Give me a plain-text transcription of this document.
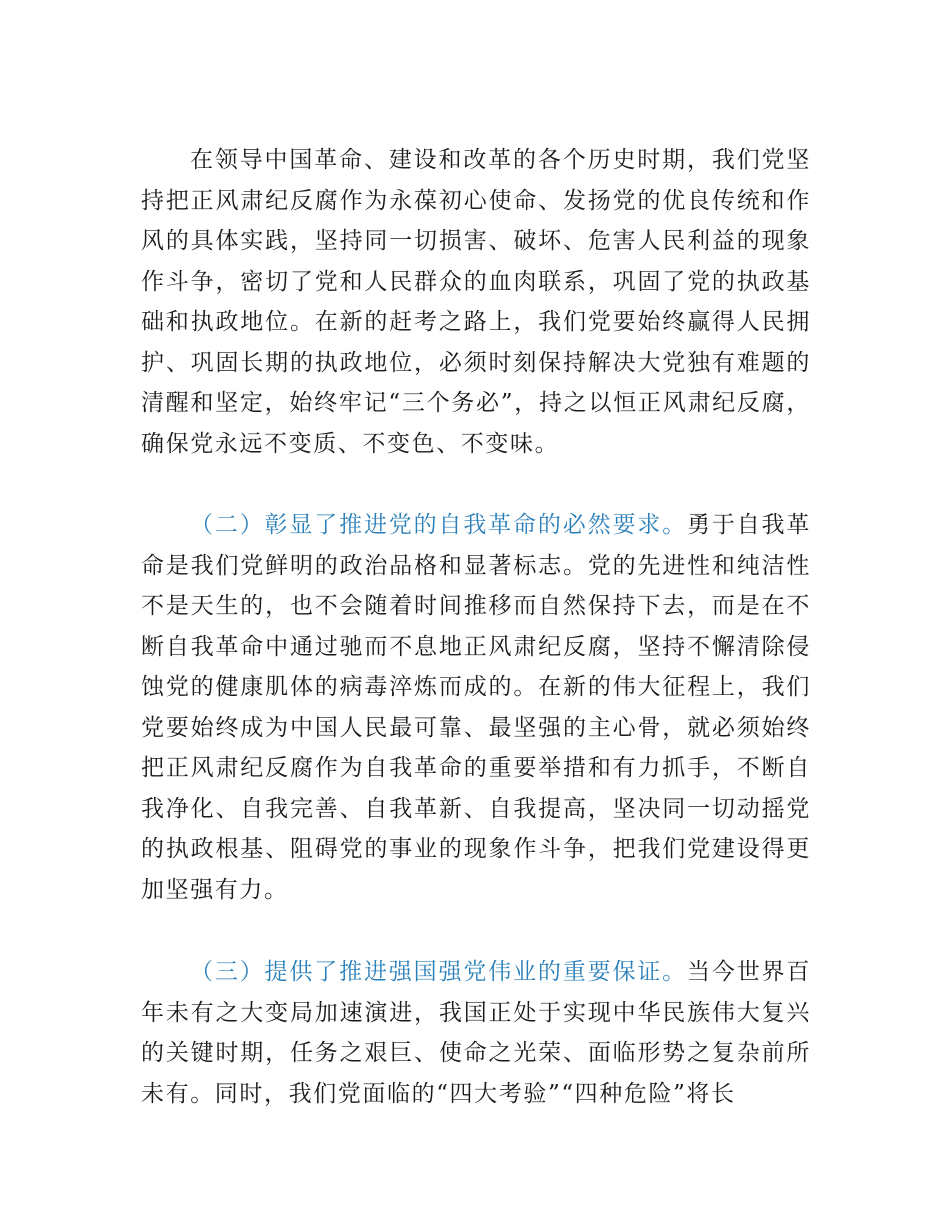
在领导中国革命、建设和改革的各个历史时期，我们党坚持把正风肃纪反腐作为永葆初心使命、发扬党的优良传统和作风的具体实践，坚持同一切损害、破坏、危害人民利益的现象作斗争，密切了党和人民群众的血肉联系，巩固了党的执政基础和执政地位。在新的赶考之路上，我们党要始终赢得人民拥护、巩固长期的执政地位，必须时刻保持解决大党独有难题的清醒和坚定，始终牢记“三个务必”，持之以恒正风肃纪反腐，确保党永远不变质、不变色、不变味。

（二）彰显了推进党的自我革命的必然要求。勇于自我革命是我们党鲜明的政治品格和显著标志。党的先进性和纯洁性不是天生的，也不会随着时间推移而自然保持下去，而是在不断自我革命中通过驰而不息地正风肃纪反腐，坚持不懈清除侵蚀党的健康肌体的病毒淬炼而成的。在新的伟大征程上，我们党要始终成为中国人民最可靠、最坚强的主心骨，就必须始终把正风肃纪反腐作为自我革命的重要举措和有力抓手，不断自我净化、自我完善、自我革新、自我提高，坚决同一切动摇党的执政根基、阻碍党的事业的现象作斗争，把我们党建设得更加坚强有力。

（三）提供了推进强国强党伟业的重要保证。当今世界百年未有之大变局加速演进，我国正处于实现中华民族伟大复兴的关键时期，任务之艰巨、使命之光荣、面临形势之复杂前所未有。同时，我们党面临的“四大考验”“四种危险”将长
